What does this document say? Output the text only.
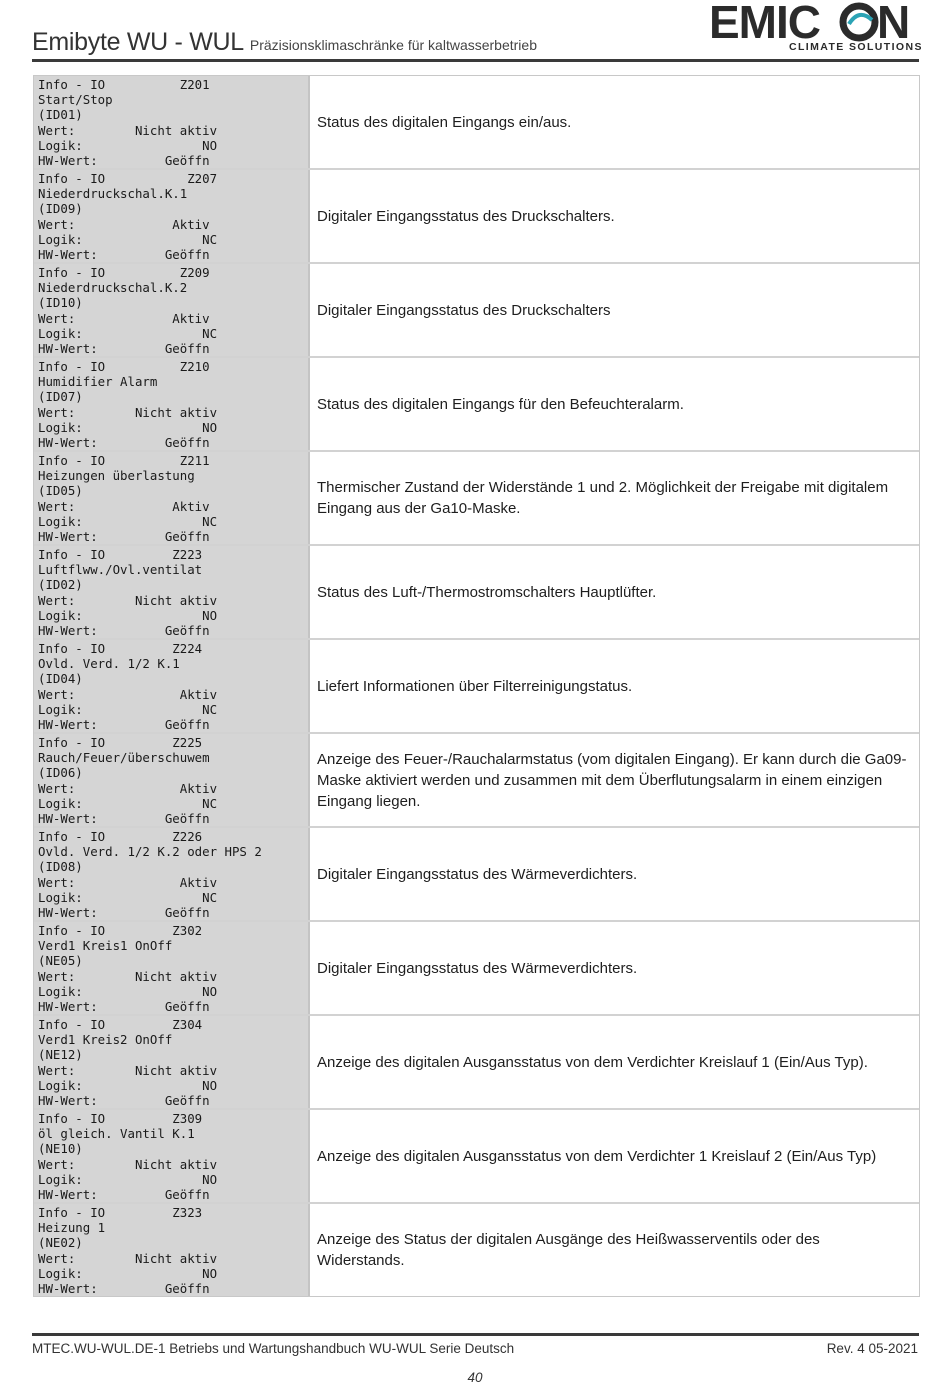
Emibyte WU - WUL Präzisionsklimaschränke für kaltwasserbetrieb	EMIC N
CLIMATE SOLUTIONS
Info - IO          Z201
Start/Stop
(ID01)
Wert:        Nicht aktiv
Logik:                NO
HW-Wert:         Geöffn
Status des digitalen Eingangs ein/aus.
Info - IO           Z207
Niederdruckschal.K.1
(ID09)
Wert:             Aktiv
Logik:                NC
HW-Wert:         Geöffn
Digitaler Eingangsstatus des Druckschalters.
Info - IO          Z209
Niederdruckschal.K.2
(ID10)
Wert:             Aktiv
Logik:                NC
HW-Wert:         Geöffn
Digitaler Eingangsstatus des Druckschalters
Info - IO          Z210
Humidifier Alarm
(ID07)
Wert:        Nicht aktiv
Logik:                NO
HW-Wert:         Geöffn
Status des digitalen Eingangs für den Befeuchteralarm.
Info - IO          Z211
Heizungen überlastung
(ID05)
Wert:             Aktiv
Logik:                NC
HW-Wert:         Geöffn
Thermischer Zustand der Widerstände 1 und 2. Möglichkeit der Freigabe mit digitalem Eingang aus der Ga10-Maske.
Info - IO         Z223
Luftflww./Ovl.ventilat
(ID02)
Wert:        Nicht aktiv
Logik:                NO
HW-Wert:         Geöffn
Status des Luft-/Thermostromschalters Hauptlüfter.
Info - IO         Z224
Ovld. Verd. 1/2 K.1
(ID04)
Wert:              Aktiv
Logik:                NC
HW-Wert:         Geöffn
Liefert Informationen über Filterreinigungstatus.
Info - IO         Z225
Rauch/Feuer/überschuwem
(ID06)
Wert:              Aktiv
Logik:                NC
HW-Wert:         Geöffn
Anzeige des Feuer-/Rauchalarmstatus (vom digitalen Eingang). Er kann durch die Ga09-Maske aktiviert werden und zusammen mit dem Überflutungsalarm in einem einzigen Eingang liegen.
Info - IO         Z226
Ovld. Verd. 1/2 K.2 oder HPS 2
(ID08)
Wert:              Aktiv
Logik:                NC
HW-Wert:         Geöffn
Digitaler Eingangsstatus des Wärmeverdichters.
Info - IO         Z302
Verd1 Kreis1 OnOff
(NE05)
Wert:        Nicht aktiv
Logik:                NO
HW-Wert:         Geöffn
Digitaler Eingangsstatus des Wärmeverdichters.
Info - IO         Z304
Verd1 Kreis2 OnOff
(NE12)
Wert:        Nicht aktiv
Logik:                NO
HW-Wert:         Geöffn
Anzeige des digitalen Ausgansstatus von dem Verdichter Kreislauf 1 (Ein/Aus Typ).
Info - IO         Z309
öl gleich. Vantil K.1
(NE10)
Wert:        Nicht aktiv
Logik:                NO
HW-Wert:         Geöffn
Anzeige des digitalen Ausgansstatus von dem Verdichter 1 Kreislauf 2 (Ein/Aus Typ)
Info - IO         Z323
Heizung 1
(NE02)
Wert:        Nicht aktiv
Logik:                NO
HW-Wert:         Geöffn
Anzeige des Status der digitalen Ausgänge des Heißwasserventils oder des Widerstands.
MTEC.WU-WUL.DE-1 Betriebs und Wartungshandbuch WU-WUL Serie Deutsch	Rev. 4 05-2021
40
